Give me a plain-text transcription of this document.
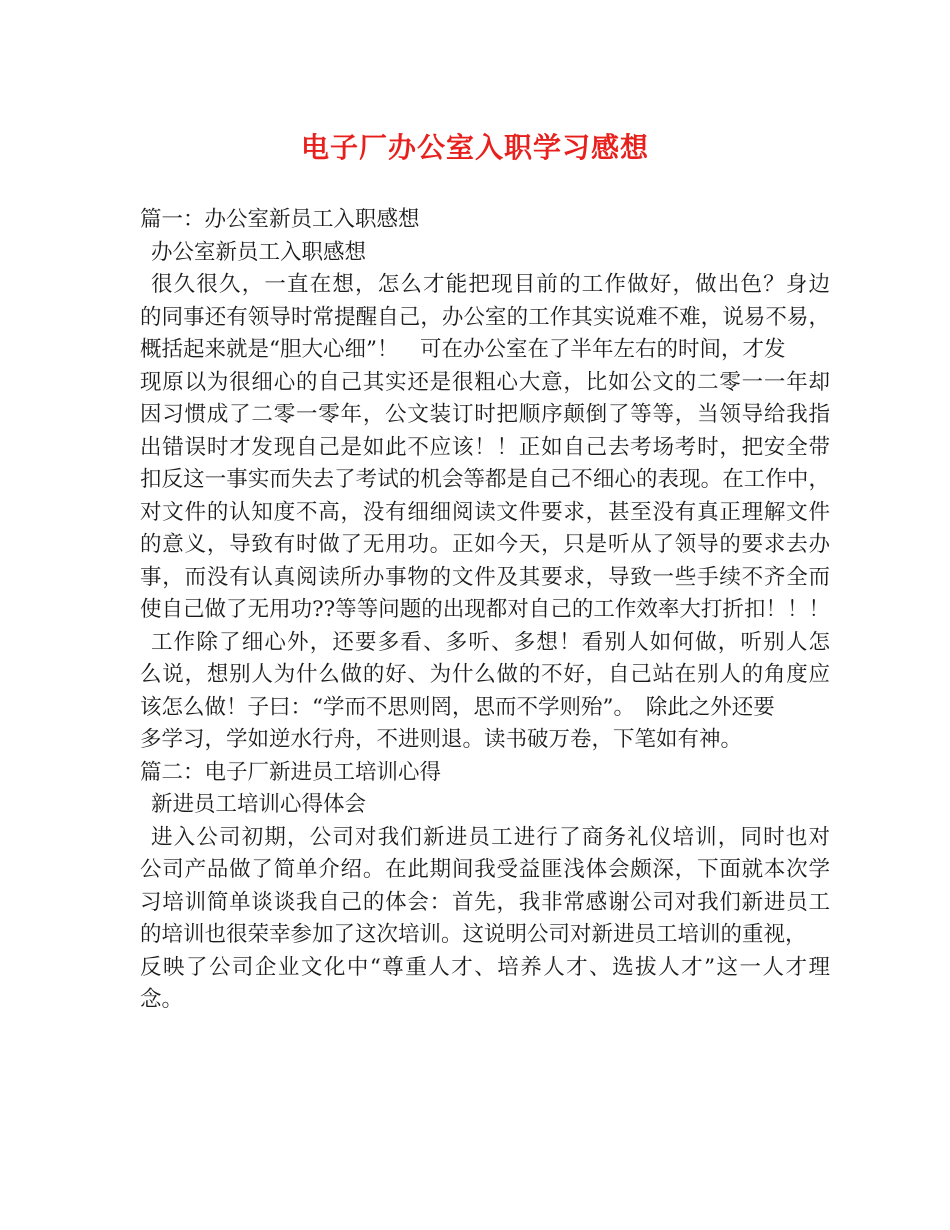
电子厂办公室入职学习感想
篇一：办公室新员工入职感想
办公室新员工入职感想
很久很久，一直在想，怎么才能把现目前的工作做好，做出色？身边
的同事还有领导时常提醒自己，办公室的工作其实说难不难，说易不易，
概括起来就是“胆大心细”！　可在办公室在了半年左右的时间，才发
现原以为很细心的自己其实还是很粗心大意，比如公文的二零一一年却
因习惯成了二零一零年，公文装订时把顺序颠倒了等等，当领导给我指
出错误时才发现自己是如此不应该！！正如自己去考场考时，把安全带
扣反这一事实而失去了考试的机会等都是自己不细心的表现。在工作中，
对文件的认知度不高，没有细细阅读文件要求，甚至没有真正理解文件
的意义，导致有时做了无用功。正如今天，只是听从了领导的要求去办
事，而没有认真阅读所办事物的文件及其要求，导致一些手续不齐全而
使自己做了无用功??等等问题的出现都对自己的工作效率大打折扣！！！
工作除了细心外，还要多看、多听、多想！看别人如何做，听别人怎
么说，想别人为什么做的好、为什么做的不好，自己站在别人的角度应
该怎么做！子曰：“学而不思则罔，思而不学则殆”。　除此之外还要
多学习，学如逆水行舟，不进则退。读书破万卷，下笔如有神。
篇二：电子厂新进员工培训心得
新进员工培训心得体会
进入公司初期，公司对我们新进员工进行了商务礼仪培训，同时也对
公司产品做了简单介绍。在此期间我受益匪浅体会颇深，下面就本次学
习培训简单谈谈我自己的体会：首先，我非常感谢公司对我们新进员工
的培训也很荣幸参加了这次培训。这说明公司对新进员工培训的重视，
反映了公司企业文化中“尊重人才、培养人才、选拔人才”这一人才理
念。
